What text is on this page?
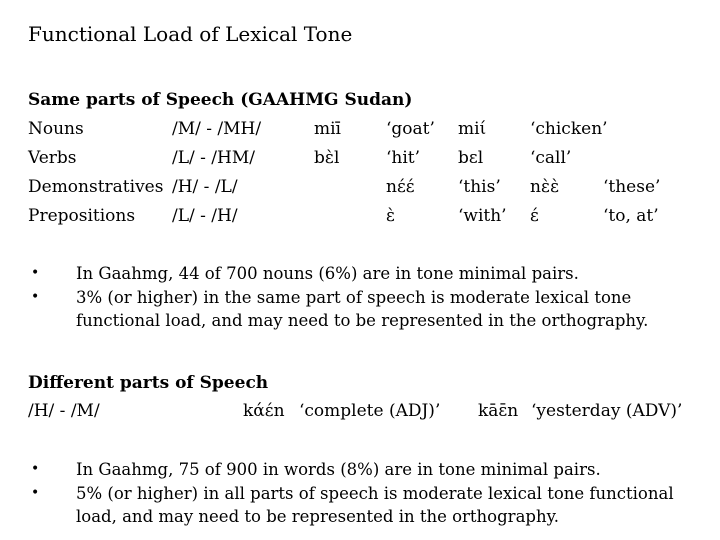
Functional Load of Lexical Tone
Same parts of Speech (GAAHMG Sudan)
Nouns	/M/ - /MH/	miī	‘goat’ miί	‘chicken’
Verbs	/L/ - /HM/	bὲl	‘hit’ bɛl	‘call’
Demonstratives /H/ - /L/	nέέ	‘this’ nὲὲ	‘these’
Prepositions /L/ - /H/	ὲ	‘with’ έ	‘to, at’
• In Gaahmg, 44 of 700 nouns (6%) are in tone minimal pairs.
• 3% (or higher) in the same part of speech is moderate lexical tone functional load, and may need to be represented in the orthography.
Different parts of Speech
/H/ - /M/	kάέn ‘complete (ADJ)’ kāɛ̄n ‘yesterday (ADV)’
• In Gaahmg, 75 of 900 in words (8%) are in tone minimal pairs.
• 5% (or higher) in all parts of speech is moderate lexical tone functional load, and may need to be represented in the orthography.
